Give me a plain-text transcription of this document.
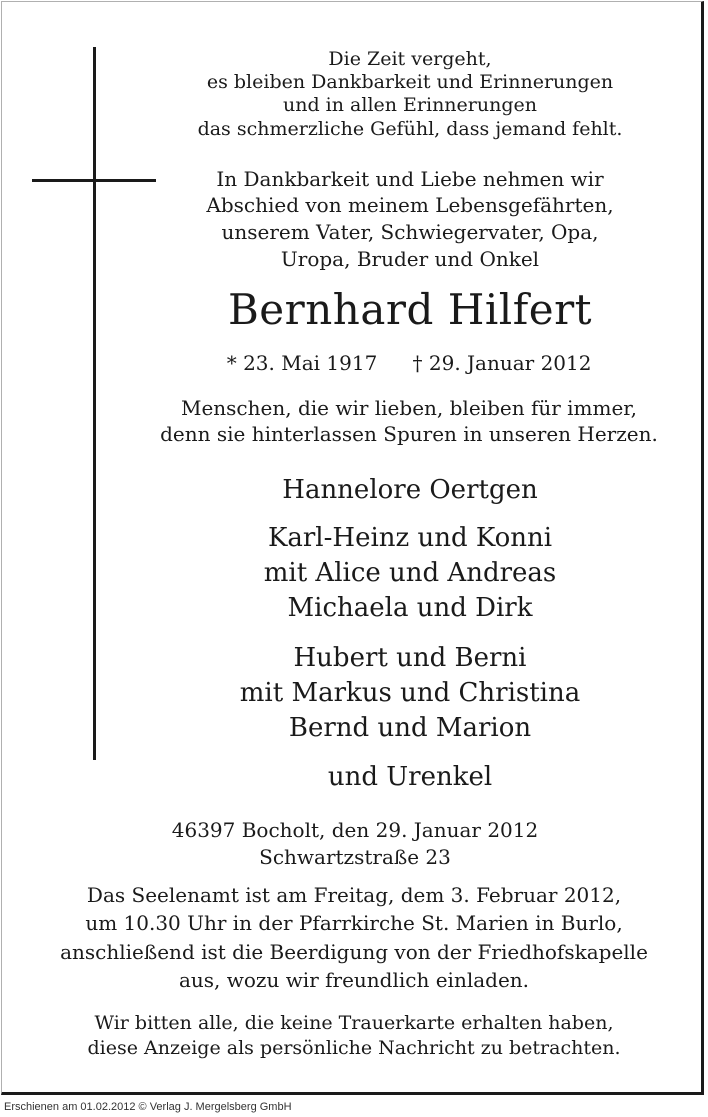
Die Zeit vergeht,
es bleiben Dankbarkeit und Erinnerungen
und in allen Erinnerungen
das schmerzliche Gefühl, dass jemand fehlt.
In Dankbarkeit und Liebe nehmen wir
Abschied von meinem Lebensgefährten,
unserem Vater, Schwiegervater, Opa,
Uropa, Bruder und Onkel
Bernhard Hilfert
* 23. Mai 1917 † 29. Januar 2012
Menschen, die wir lieben, bleiben für immer,
denn sie hinterlassen Spuren in unseren Herzen.
Hannelore Oertgen
Karl-Heinz und Konni
mit Alice und Andreas
Michaela und Dirk
Hubert und Berni
mit Markus und Christina
Bernd und Marion
und Urenkel
46397 Bocholt, den 29. Januar 2012
Schwartzstraße 23
Das Seelenamt ist am Freitag, dem 3. Februar 2012,
um 10.30 Uhr in der Pfarrkirche St. Marien in Burlo,
anschließend ist die Beerdigung von der Friedhofskapelle
aus, wozu wir freundlich einladen.
Wir bitten alle, die keine Trauerkarte erhalten haben,
diese Anzeige als persönliche Nachricht zu betrachten.
Erschienen am 01.02.2012 © Verlag J. Mergelsberg GmbH
